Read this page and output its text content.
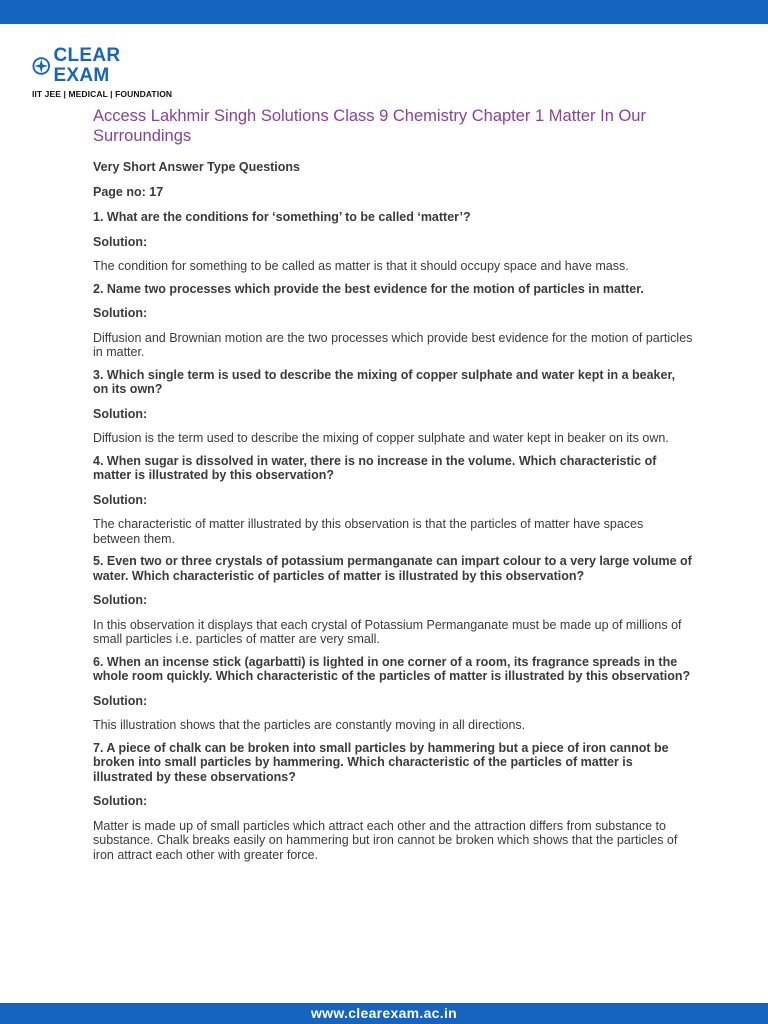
CLEAR EXAM
IIT JEE | MEDICAL | FOUNDATION
Access Lakhmir Singh Solutions Class 9 Chemistry Chapter 1 Matter In Our Surroundings
Very Short Answer Type Questions
Page no: 17
1. What are the conditions for ‘something’ to be called ‘matter’?
Solution:
The condition for something to be called as matter is that it should occupy space and have mass.
2. Name two processes which provide the best evidence for the motion of particles in matter.
Solution:
Diffusion and Brownian motion are the two processes which provide best evidence for the motion of particles in matter.
3. Which single term is used to describe the mixing of copper sulphate and water kept in a beaker, on its own?
Solution:
Diffusion is the term used to describe the mixing of copper sulphate and water kept in beaker on its own.
4. When sugar is dissolved in water, there is no increase in the volume. Which characteristic of matter is illustrated by this observation?
Solution:
The characteristic of matter illustrated by this observation is that the particles of matter have spaces between them.
5. Even two or three crystals of potassium permanganate can impart colour to a very large volume of water. Which characteristic of particles of matter is illustrated by this observation?
Solution:
In this observation it displays that each crystal of Potassium Permanganate must be made up of millions of small particles i.e. particles of matter are very small.
6. When an incense stick (agarbatti) is lighted in one corner of a room, its fragrance spreads in the whole room quickly. Which characteristic of the particles of matter is illustrated by this observation?
Solution:
This illustration shows that the particles are constantly moving in all directions.
7. A piece of chalk can be broken into small particles by hammering but a piece of iron cannot be broken into small particles by hammering. Which characteristic of the particles of matter is illustrated by these observations?
Solution:
Matter is made up of small particles which attract each other and the attraction differs from substance to substance. Chalk breaks easily on hammering but iron cannot be broken which shows that the particles of iron attract each other with greater force.
www.clearexam.ac.in
